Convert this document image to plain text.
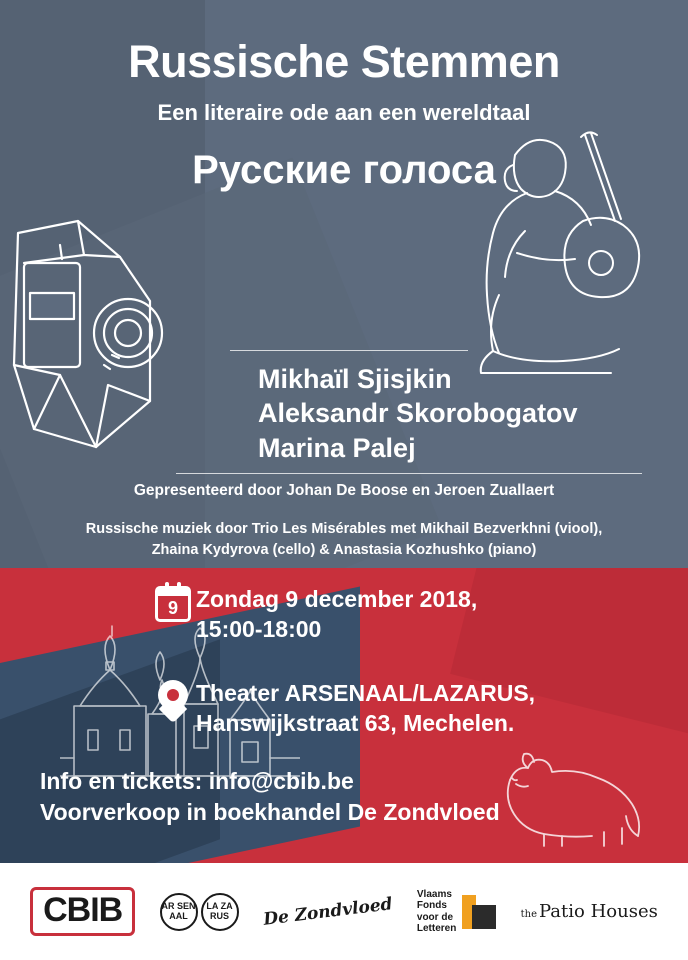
Russische Stemmen
Een literaire ode aan een wereldtaal
Русские голоса
Mikhaïl Sjisjkin
Aleksandr Skorobogatov
Marina Palej
Gepresenteerd door Johan De Boose en Jeroen Zuallaert
Russische muziek door Trio Les Misérables met Mikhail Bezverkhni (viool),
Zhaina Kydyrova (cello) & Anastasia Kozhushko (piano)
9 Zondag 9 december 2018,
15:00-18:00
Theater ARSENAAL/LAZARUS,
Hanswijkstraat 63, Mechelen.
Info en tickets: info@cbib.be
Voorverkoop in boekhandel De Zondvloed
CBIB	AR SEN AAL
LA ZA RUS	De Zondvloed Vlaams
Fonds
voor de
Letteren
the Patio Houses
